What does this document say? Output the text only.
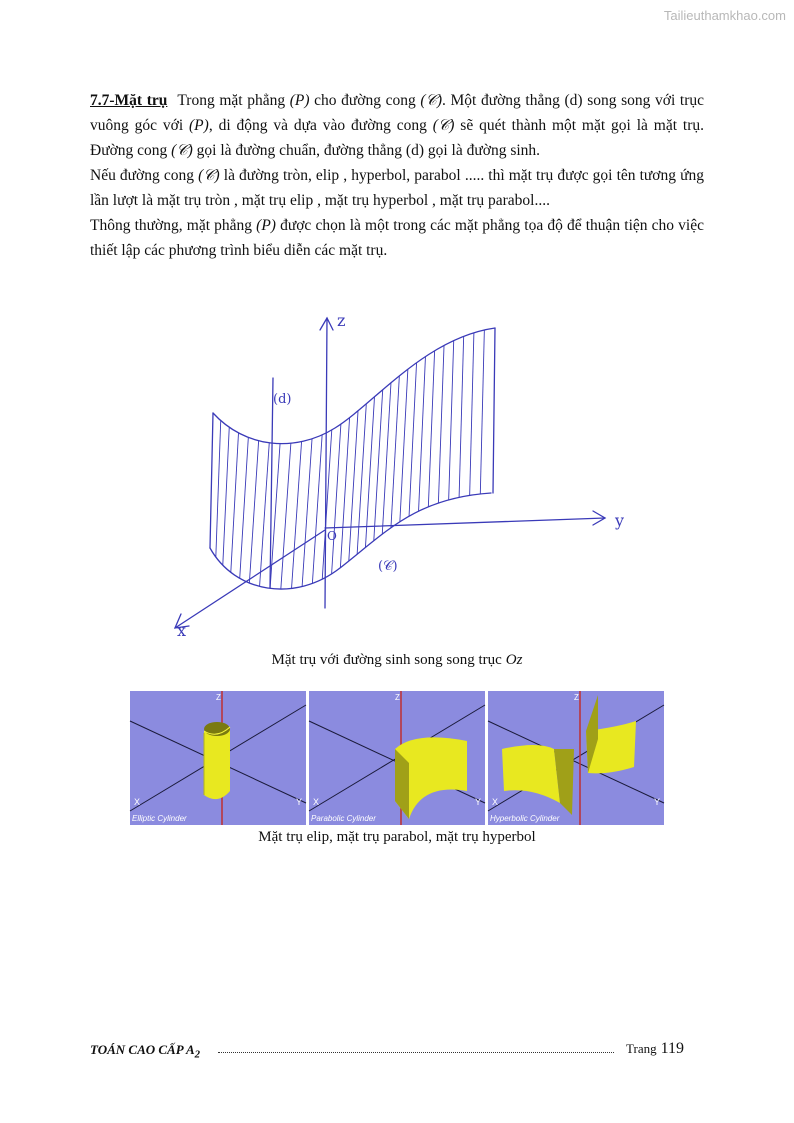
Tailieuthamkhao.com

7.7-Mặt trụ Trong mặt phẳng (P) cho đường cong (𝒞). Một đường thẳng (d) song song với trục vuông góc với (P), di động và dựa vào đường cong (𝒞) sẽ quét thành một mặt gọi là mặt trụ. Đường cong (𝒞) gọi là đường chuẩn, đường thẳng (d) gọi là đường sinh.

Nếu đường cong (𝒞) là đường tròn, elip , hyperbol, parabol ..... thì mặt trụ được gọi tên tương ứng lần lượt là mặt trụ tròn , mặt trụ elip , mặt trụ hyperbol , mặt trụ parabol....

Thông thường, mặt phẳng (P) được chọn là một trong các mặt phẳng tọa độ để thuận tiện cho việc thiết lập các phương trình biểu diễn các mặt trụ.

z
y
x
O
(d)
(𝒞)
Mặt trụ với đường sinh song song trục Oz
X	Y
Z
Elliptic Cylinder
X	Y
Z
Parabolic Cylinder
X	Y
Z
Hyperbolic Cylinder
Mặt trụ elip, mặt trụ parabol, mặt trụ hyperbol
TOÁN CAO CẤP $A_2$	Trang 119
